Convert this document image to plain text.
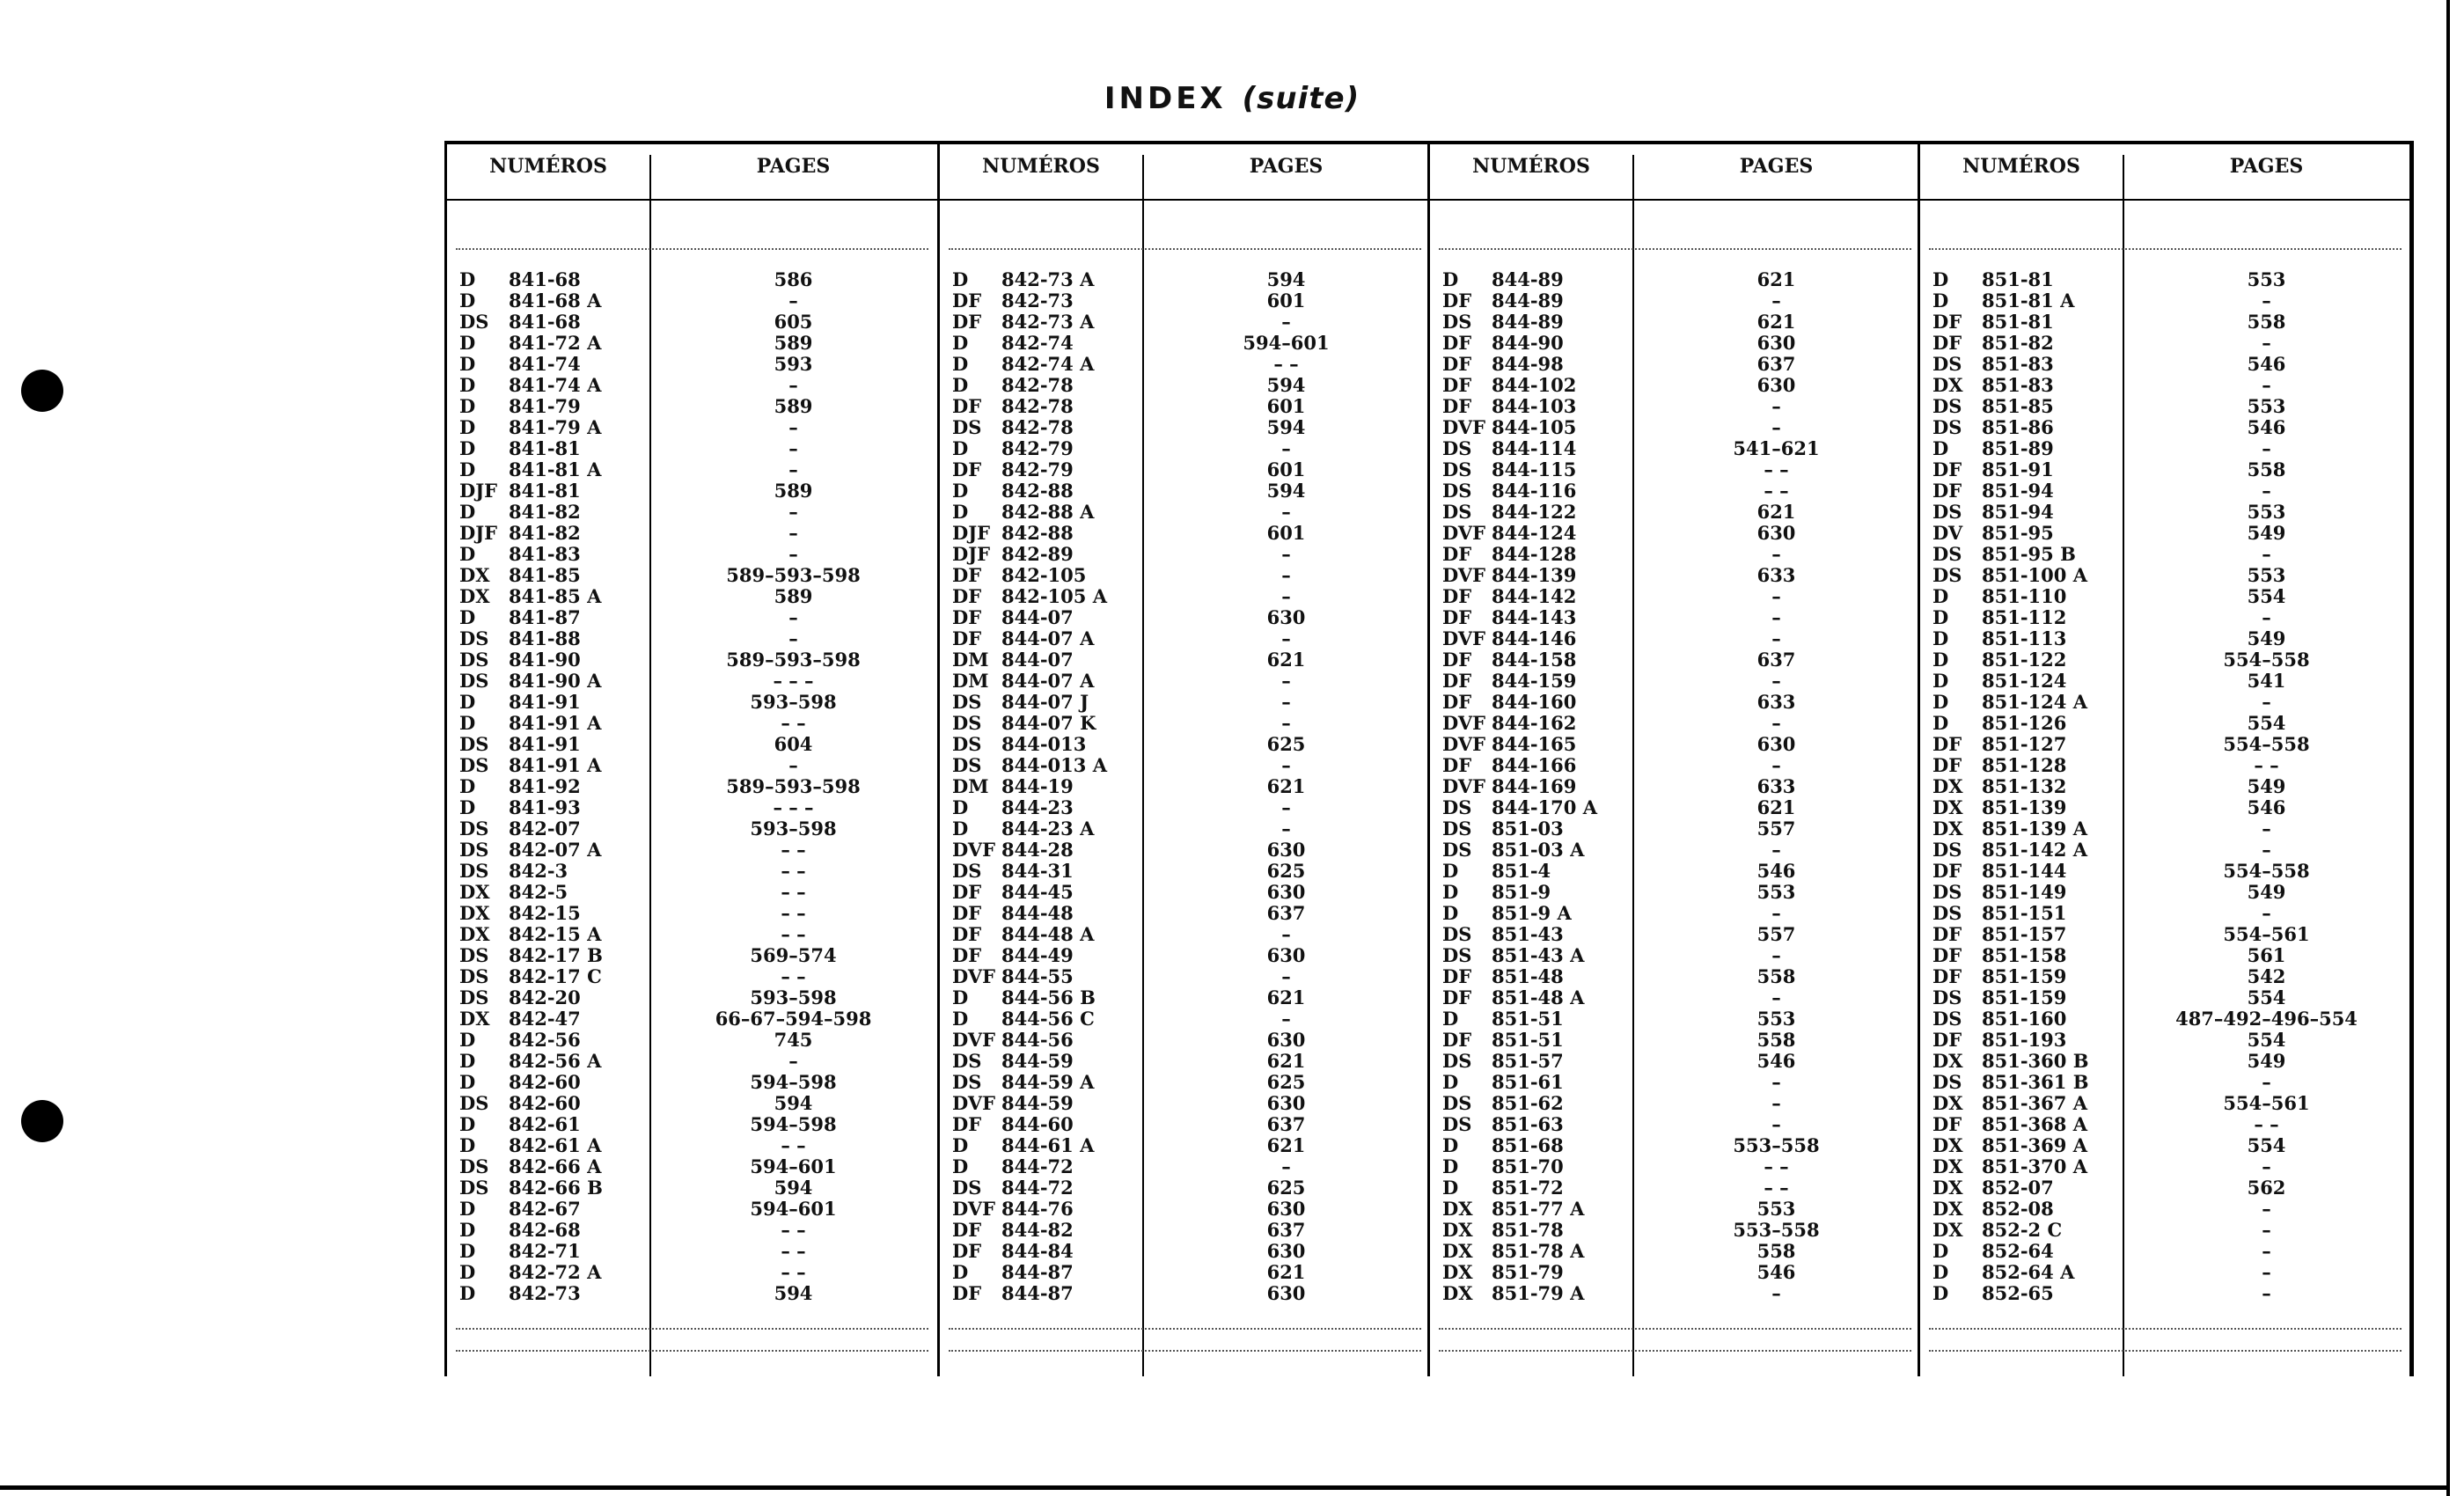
INDEX (suite)
NUMÉROS	PAGES
D	841-68	586
D	841-68 A	–
DS	841-68	605
D	841-72 A	589
D	841-74	593
D	841-74 A	–
D	841-79	589
D	841-79 A	–
D	841-81	–
D	841-81 A	–
DJF 841-81	589
D	841-82	–
DJF 841-82	–
D	841-83	–
DX	841-85	589–593–598
DX	841-85 A	589
D	841-87	–
DS	841-88	–
DS	841-90	589–593–598
DS	841-90 A	– – –
D	841-91	593–598
D	841-91 A	– –
DS	841-91	604
DS	841-91 A	–
D	841-92	589–593–598
D	841-93	– – –
DS	842-07	593–598
DS	842-07 A	– –
DS	842-3	– –
DX	842-5	– –
DX	842-15	– –
DX	842-15 A	– –
DS	842-17 B	569–574
DS	842-17 C	– –
DS	842-20	593–598
DX	842-47	66–67–594–598
D	842-56	745
D	842-56 A	–
D	842-60	594–598
DS	842-60	594
D	842-61	594–598
D	842-61 A	– –
DS	842-66 A	594–601
DS	842-66 B	594
D	842-67	594–601
D	842-68	– –
D	842-71	– –
D	842-72 A	– –
D	842-73	594
NUMÉROS	PAGES
D	842-73 A	594
DF	842-73	601
DF	842-73 A	–
D	842-74	594–601
D	842-74 A	– –
D	842-78	594
DF	842-78	601
DS	842-78	594
D	842-79	–
DF	842-79	601
D	842-88	594
D	842-88 A	–
DJF 842-88	601
DJF 842-89	–
DF	842-105	–
DF	842-105 A	–
DF	844-07	630
DF	844-07 A	–
DM 844-07	621
DM 844-07 A	–
DS	844-07 J	–
DS	844-07 K	–
DS	844-013	625
DS	844-013 A	–
DM 844-19	621
D	844-23	–
D	844-23 A	–
DVF 844-28	630
DS	844-31	625
DF	844-45	630
DF	844-48	637
DF	844-48 A	–
DF	844-49	630
DVF 844-55	–
D	844-56 B	621
D	844-56 C	–
DVF 844-56	630
DS	844-59	621
DS	844-59 A	625
DVF 844-59	630
DF	844-60	637
D	844-61 A	621
D	844-72	–
DS	844-72	625
DVF 844-76	630
DF	844-82	637
DF	844-84	630
D	844-87	621
DF	844-87	630
NUMÉROS	PAGES
D	844-89	621
DF	844-89	–
DS	844-89	621
DF	844-90	630
DF	844-98	637
DF	844-102	630
DF	844-103	–
DVF 844-105	–
DS	844-114	541–621
DS	844-115	– –
DS	844-116	– –
DS	844-122	621
DVF 844-124	630
DF	844-128	–
DVF 844-139	633
DF	844-142	–
DF	844-143	–
DVF 844-146	–
DF	844-158	637
DF	844-159	–
DF	844-160	633
DVF 844-162	–
DVF 844-165	630
DF	844-166	–
DVF 844-169	633
DS	844-170 A	621
DS	851-03	557
DS	851-03 A	–
D	851-4	546
D	851-9	553
D	851-9 A	–
DS	851-43	557
DS	851-43 A	–
DF	851-48	558
DF	851-48 A	–
D	851-51	553
DF	851-51	558
DS	851-57	546
D	851-61	–
DS	851-62	–
DS	851-63	–
D	851-68	553–558
D	851-70	– –
D	851-72	– –
DX	851-77 A	553
DX	851-78	553–558
DX	851-78 A	558
DX	851-79	546
DX	851-79 A	–
NUMÉROS	PAGES
D	851-81	553
D	851-81 A	–
DF	851-81	558
DF	851-82	–
DS	851-83	546
DX	851-83	–
DS	851-85	553
DS	851-86	546
D	851-89	–
DF	851-91	558
DF	851-94	–
DS	851-94	553
DV	851-95	549
DS	851-95 B	–
DS	851-100 A	553
D	851-110	554
D	851-112	–
D	851-113	549
D	851-122	554–558
D	851-124	541
D	851-124 A	–
D	851-126	554
DF	851-127	554–558
DF	851-128	– –
DX	851-132	549
DX	851-139	546
DX	851-139 A	–
DS	851-142 A	–
DF	851-144	554–558
DS	851-149	549
DS	851-151	–
DF	851-157	554–561
DF	851-158	561
DF	851-159	542
DS	851-159	554
DS	851-160	487–492–496–554
DF	851-193	554
DX	851-360 B	549
DS	851-361 B	–
DX	851-367 A	554–561
DF	851-368 A	– –
DX	851-369 A	554
DX	851-370 A	–
DX	852-07	562
DX	852-08	–
DX	852-2 C	–
D	852-64	–
D	852-64 A	–
D	852-65	–
